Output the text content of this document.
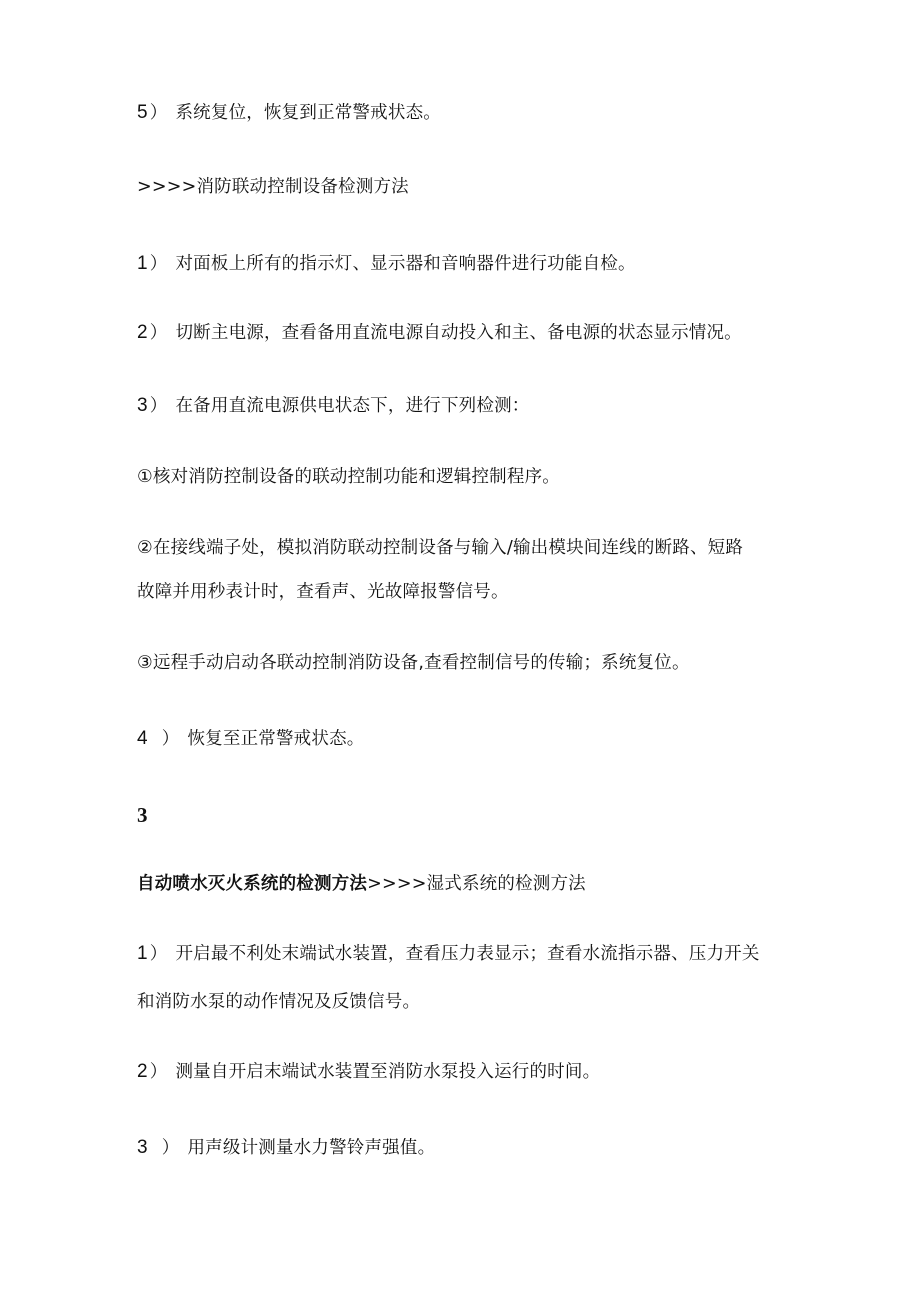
5 ） 系统复位，恢复到正常警戒状态。
>>>>消防联动控制设备检测方法
1 ） 对面板上所有的指示灯、显示器和音响器件进行功能自检。
2 ） 切断主电源，查看备用直流电源自动投入和主、备电源的状态显示情况。
3 ） 在备用直流电源供电状态下，进行下列检测：
①核对消防控制设备的联动控制功能和逻辑控制程序。
②在接线端子处，模拟消防联动控制设备与输入/输出模块间连线的断路、短路
故障并用秒表计时，查看声、光故障报警信号。
③远程手动启动各联动控制消防设备,查看控制信号的传输；系统复位。
4 ） 恢复至正常警戒状态。
3
自动喷水灭火系统的检测方法>>>>湿式系统的检测方法
1 ） 开启最不利处末端试水装置，查看压力表显示；查看水流指示器、压力开关
和消防水泵的动作情况及反馈信号。
2 ） 测量自开启末端试水装置至消防水泵投入运行的时间。
3 ） 用声级计测量水力警铃声强值。
